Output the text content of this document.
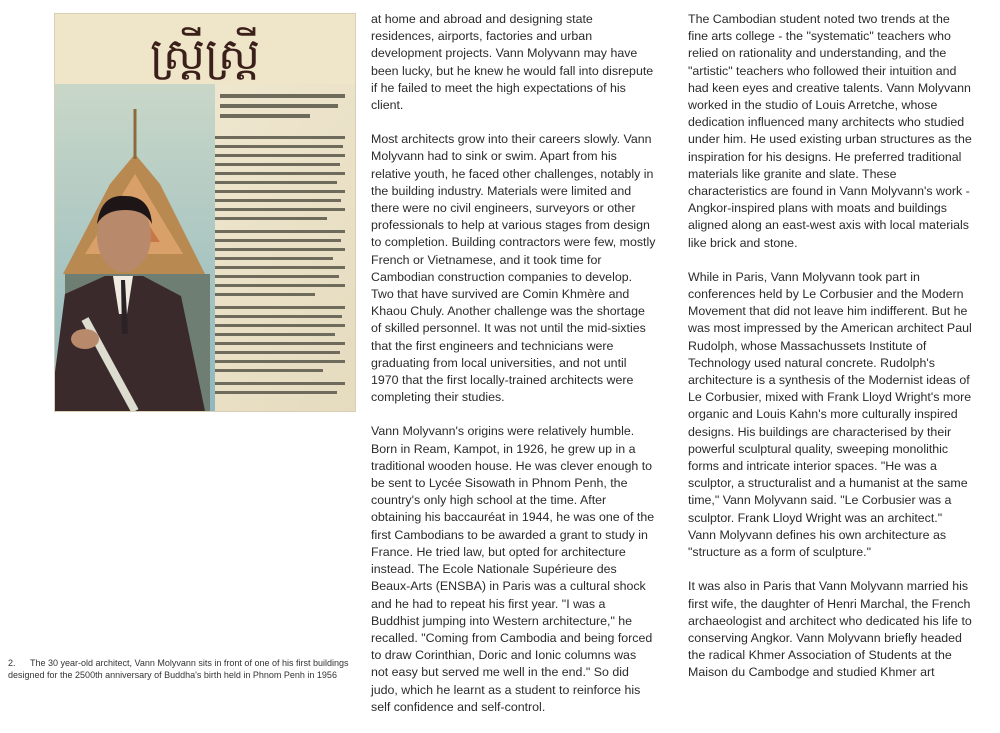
ស្ដ្រីស្ដ្រី
2. The 30 year-old architect, Vann Molyvann sits in front of one of his first buildings designed for the 2500th anniversary of Buddha's birth held in Phnom Penh in 1956

at home and abroad and designing state residences, airports, factories and urban development projects. Vann Molyvann may have been lucky, but he knew he would fall into disrepute if he failed to meet the high expectations of his client.

Most architects grow into their careers slowly. Vann Molyvann had to sink or swim. Apart from his relative youth, he faced other challenges, notably in the building industry. Materials were limited and there were no civil engineers, surveyors or other professionals to help at various stages from design to completion. Building contractors were few, mostly French or Vietnamese, and it took time for Cambodian construction companies to develop. Two that have survived are Comin Khmère and Khaou Chuly. Another challenge was the shortage of skilled personnel. It was not until the mid-sixties that the first engineers and technicians were graduating from local universities, and not until 1970 that the first locally-trained architects were completing their studies.

Vann Molyvann's origins were relatively humble. Born in Ream, Kampot, in 1926, he grew up in a traditional wooden house. He was clever enough to be sent to Lycée Sisowath in Phnom Penh, the country's only high school at the time. After obtaining his baccauréat in 1944, he was one of the first Cambodians to be awarded a grant to study in France. He tried law, but opted for architecture instead. The Ecole Nationale Supérieure des Beaux-Arts (ENSBA) in Paris was a cultural shock and he had to repeat his first year. "I was a Buddhist jumping into Western architecture," he recalled. "Coming from Cambodia and being forced to draw Corinthian, Doric and Ionic columns was not easy but served me well in the end." So did judo, which he learnt as a student to reinforce his self confidence and self-control.

The Cambodian student noted two trends at the fine arts college - the "systematic" teachers who relied on rationality and understanding, and the "artistic" teachers who followed their intuition and had keen eyes and creative talents. Vann Molyvann worked in the studio of Louis Arretche, whose dedication influenced many architects who studied under him. He used existing urban structures as the inspiration for his designs. He preferred traditional materials like granite and slate. These characteristics are found in Vann Molyvann's work - Angkor-inspired plans with moats and buildings aligned along an east-west axis with local materials like brick and stone.

While in Paris, Vann Molyvann took part in conferences held by Le Corbusier and the Modern Movement that did not leave him indifferent. But he was most impressed by the American architect Paul Rudolph, whose Massachussets Institute of Technology used natural concrete. Rudolph's architecture is a synthesis of the Modernist ideas of Le Corbusier, mixed with Frank Lloyd Wright's more organic and Louis Kahn's more culturally inspired designs. His buildings are characterised by their powerful sculptural quality, sweeping monolithic forms and intricate interior spaces. "He was a sculptor, a structuralist and a humanist at the same time," Vann Molyvann said. "Le Corbusier was a sculptor. Frank Lloyd Wright was an architect." Vann Molyvann defines his own architecture as "structure as a form of sculpture."

It was also in Paris that Vann Molyvann married his first wife, the daughter of Henri Marchal, the French archaeologist and architect who dedicated his life to conserving Angkor. Vann Molyvann briefly headed the radical Khmer Association of Students at the Maison du Cambodge and studied Khmer art
